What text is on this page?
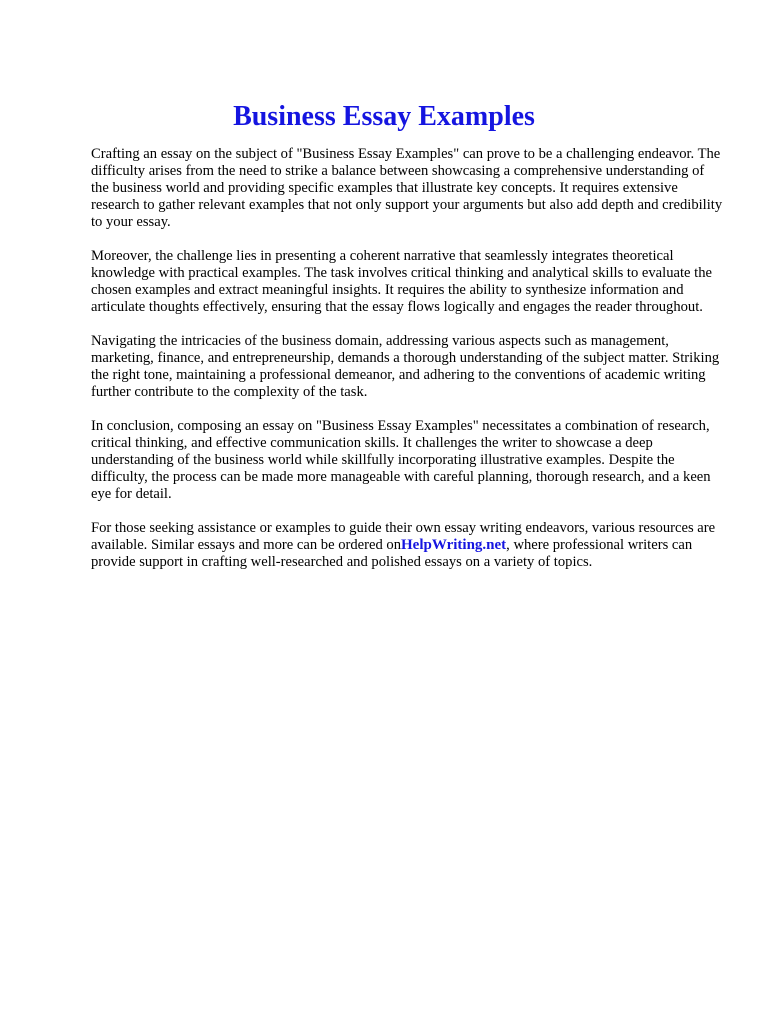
Business Essay Examples

Crafting an essay on the subject of "Business Essay Examples" can prove to be a challenging endeavor. The difficulty arises from the need to strike a balance between showcasing a comprehensive understanding of the business world and providing specific examples that illustrate key concepts. It requires extensive research to gather relevant examples that not only support your arguments but also add depth and credibility to your essay.

Moreover, the challenge lies in presenting a coherent narrative that seamlessly integrates theoretical knowledge with practical examples. The task involves critical thinking and analytical skills to evaluate the chosen examples and extract meaningful insights. It requires the ability to synthesize information and articulate thoughts effectively, ensuring that the essay flows logically and engages the reader throughout.

Navigating the intricacies of the business domain, addressing various aspects such as management, marketing, finance, and entrepreneurship, demands a thorough understanding of the subject matter. Striking the right tone, maintaining a professional demeanor, and adhering to the conventions of academic writing further contribute to the complexity of the task.

In conclusion, composing an essay on "Business Essay Examples" necessitates a combination of research, critical thinking, and effective communication skills. It challenges the writer to showcase a deep understanding of the business world while skillfully incorporating illustrative examples. Despite the difficulty, the process can be made more manageable with careful planning, thorough research, and a keen eye for detail.

For those seeking assistance or examples to guide their own essay writing endeavors, various resources are available. Similar essays and more can be ordered onHelpWriting.net, where professional writers can provide support in crafting well-researched and polished essays on a variety of topics.
